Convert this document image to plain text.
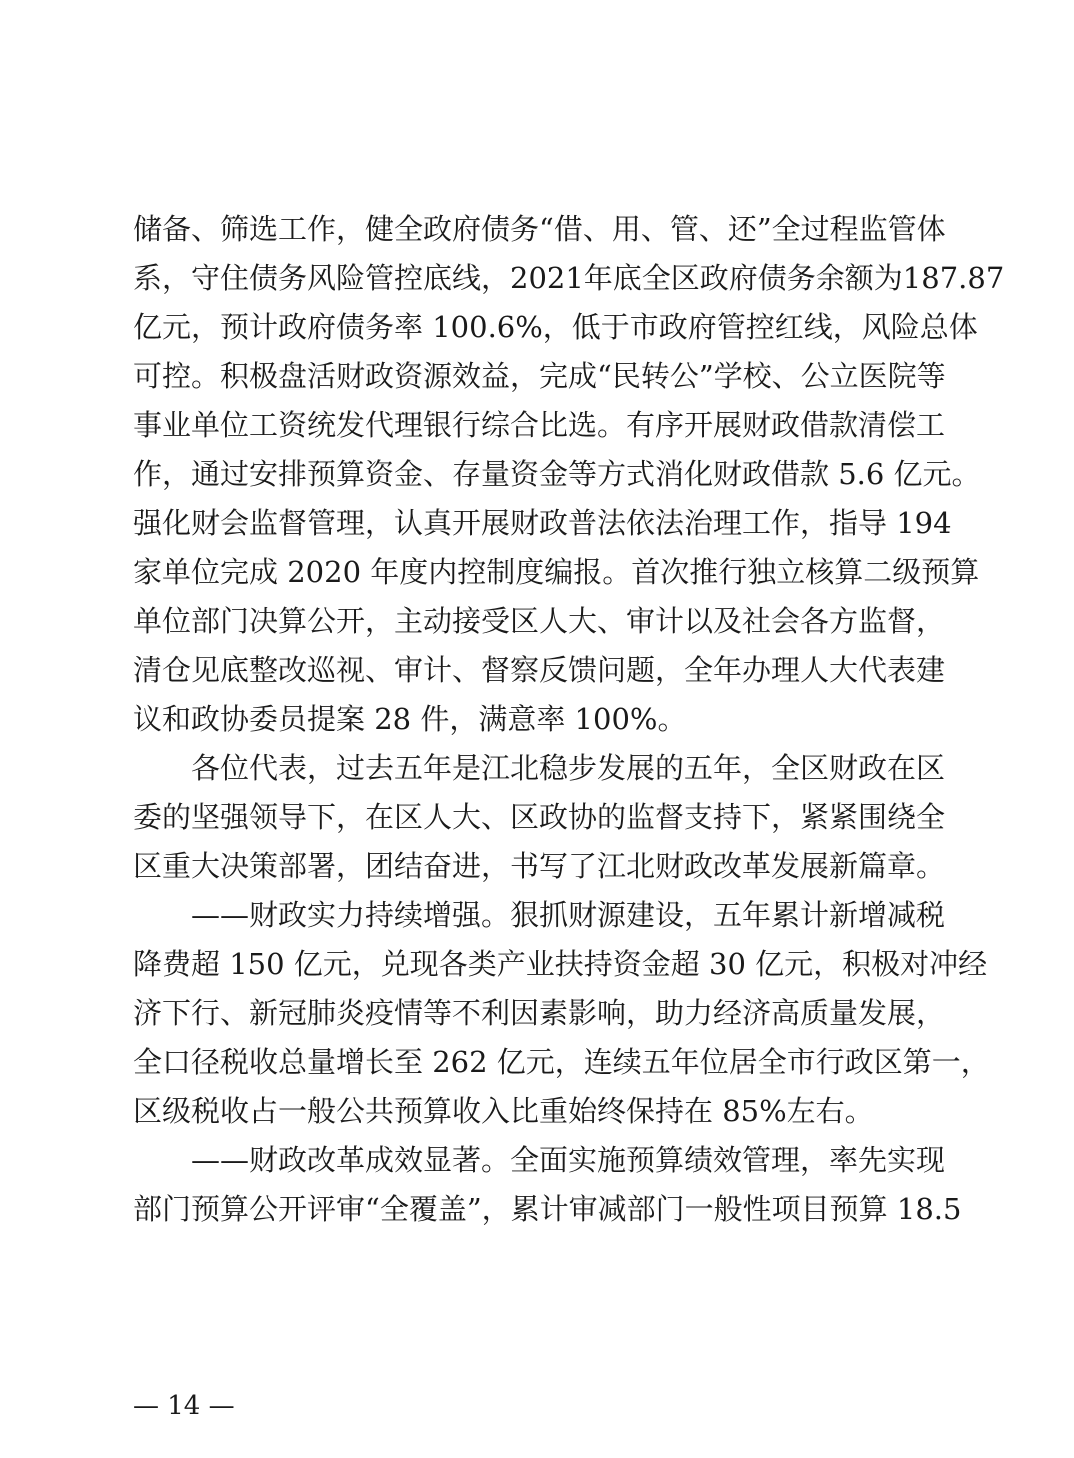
储备、筛选工作，健全政府债务“借、用、管、还”全过程监管体
系，守住债务风险管控底线，2021年底全区政府债务余额为187.87
亿元，预计政府债务率 100.6%，低于市政府管控红线，风险总体
可控。积极盘活财政资源效益，完成“民转公”学校、公立医院等
事业单位工资统发代理银行综合比选。有序开展财政借款清偿工
作，通过安排预算资金、存量资金等方式消化财政借款 5.6 亿元。
强化财会监督管理，认真开展财政普法依法治理工作，指导 194
家单位完成 2020 年度内控制度编报。首次推行独立核算二级预算
单位部门决算公开，主动接受区人大、审计以及社会各方监督，
清仓见底整改巡视、审计、督察反馈问题，全年办理人大代表建
议和政协委员提案 28 件，满意率 100%。
各位代表，过去五年是江北稳步发展的五年，全区财政在区
委的坚强领导下，在区人大、区政协的监督支持下，紧紧围绕全
区重大决策部署，团结奋进，书写了江北财政改革发展新篇章。
——财政实力持续增强。狠抓财源建设，五年累计新增减税
降费超 150 亿元，兑现各类产业扶持资金超 30 亿元，积极对冲经
济下行、新冠肺炎疫情等不利因素影响，助力经济高质量发展，
全口径税收总量增长至 262 亿元，连续五年位居全市行政区第一，
区级税收占一般公共预算收入比重始终保持在 85%左右。
——财政改革成效显著。全面实施预算绩效管理，率先实现
部门预算公开评审“全覆盖”，累计审减部门一般性项目预算 18.5
— 14 —
